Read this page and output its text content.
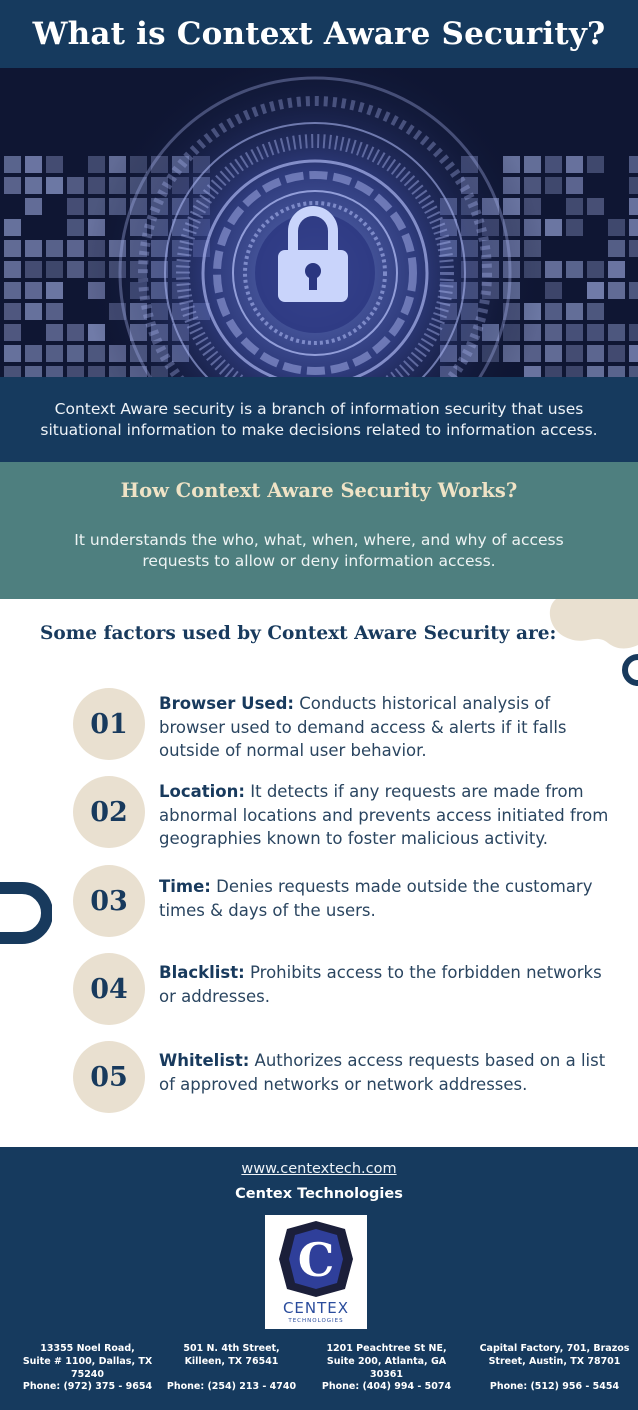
What is Context Aware Security?

Context Aware security is a branch of information security that uses situational information to make decisions related to information access.

How Context Aware Security Works?

It understands the who, what, when, where, and why of access requests to allow or deny information access.

Some factors used by Context Aware Security are:
01
Browser Used: Conducts historical analysis of browser used to demand access & alerts if it falls outside of normal user behavior.
02
Location: It detects if any requests are made from abnormal locations and prevents access initiated from geographies known to foster malicious activity.
03	Time: Denies requests made outside the customary times & days of the users.
04
Blacklist: Prohibits access to the forbidden networks or addresses.
05
Whitelist: Authorizes access requests based on a list of approved networks or network addresses.
www.centextech.com
Centex Technologies
C
CENTEX
TECHNOLOGIES
13355 Noel Road,
Suite # 1100, Dallas, TX 75240
Phone: (972) 375 - 9654
501 N. 4th Street,
Killeen, TX 76541
Phone: (254) 213 - 4740
1201 Peachtree St NE,
Suite 200, Atlanta, GA 30361
Phone: (404) 994 - 5074
Capital Factory, 701, Brazos
Street, Austin, TX 78701
Phone: (512) 956 - 5454
